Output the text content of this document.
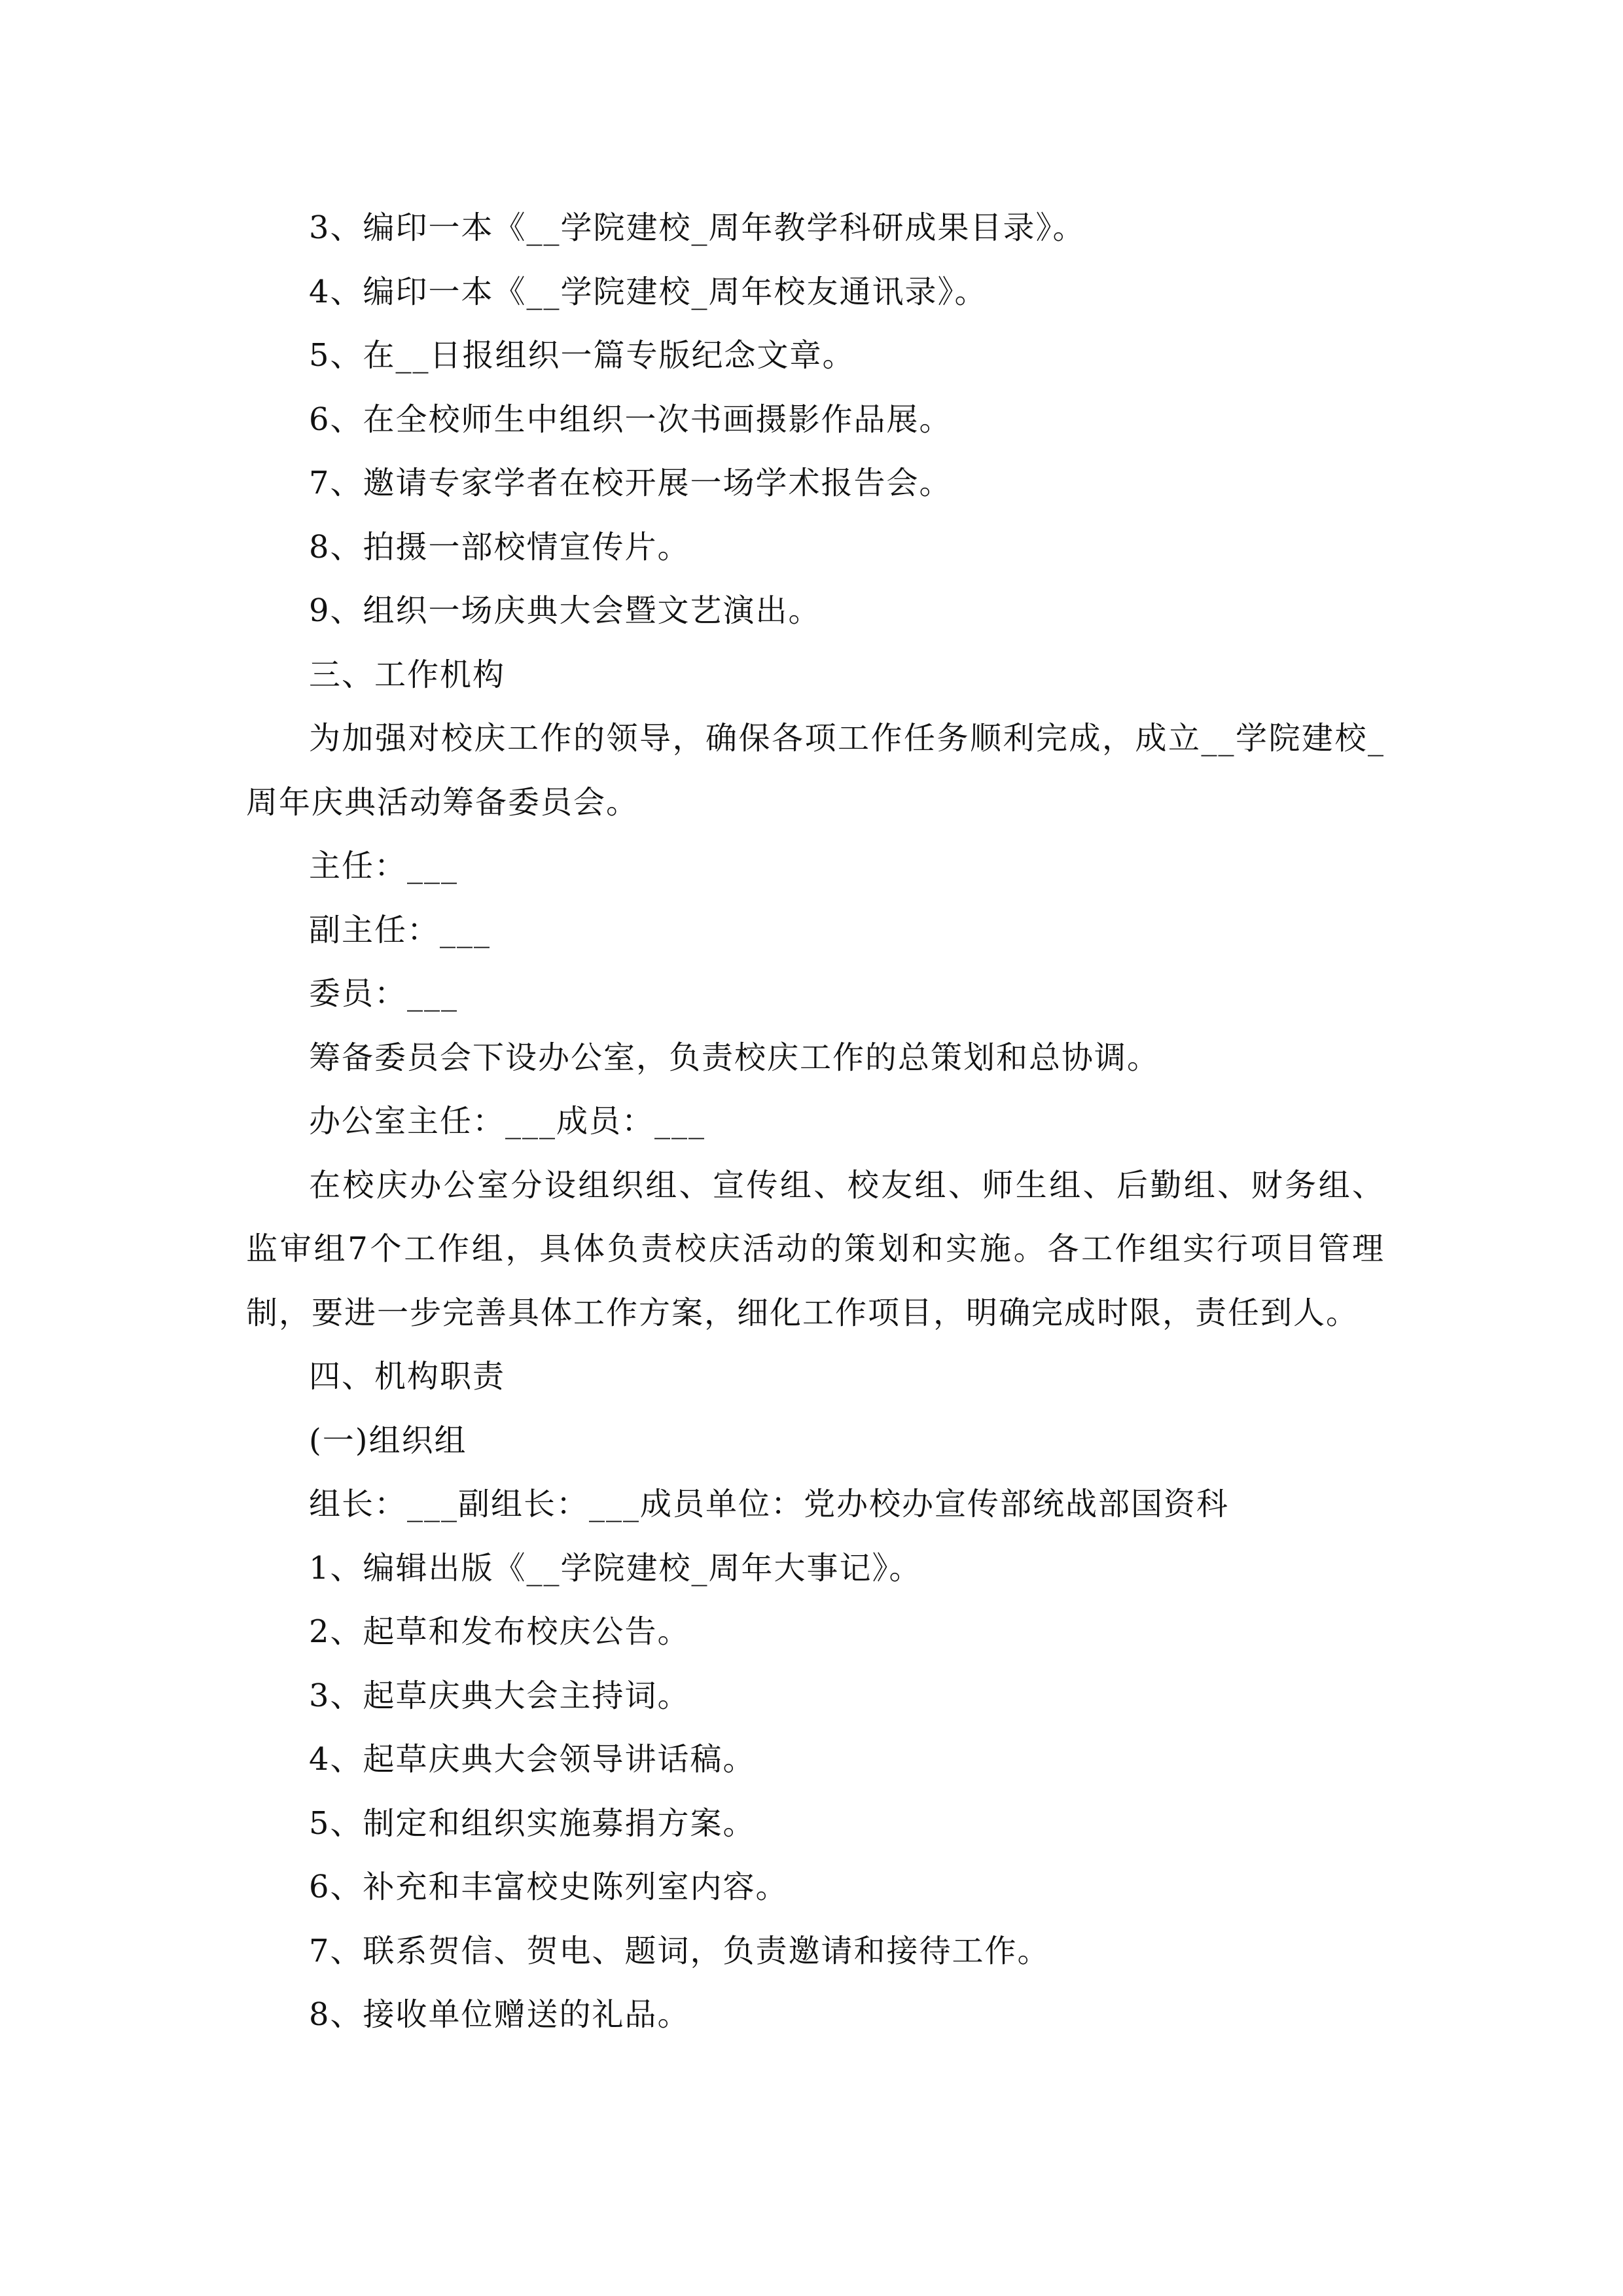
3、编印一本《__学院建校_周年教学科研成果目录》。

4、编印一本《__学院建校_周年校友通讯录》。

5、在__日报组织一篇专版纪念文章。

6、在全校师生中组织一次书画摄影作品展。

7、邀请专家学者在校开展一场学术报告会。

8、拍摄一部校情宣传片。

9、组织一场庆典大会暨文艺演出。

三、工作机构

为加强对校庆工作的领导，确保各项工作任务顺利完成，成立__学院建校_周年庆典活动筹备委员会。

主任：___

副主任：___

委员：___

筹备委员会下设办公室，负责校庆工作的总策划和总协调。

办公室主任：___成员：___

在校庆办公室分设组织组、宣传组、校友组、师生组、后勤组、财务组、监审组7个工作组，具体负责校庆活动的策划和实施。各工作组实行项目管理制，要进一步完善具体工作方案，细化工作项目，明确完成时限，责任到人。

四、机构职责

(一)组织组

组长：___副组长：___成员单位：党办校办宣传部统战部国资科

1、编辑出版《__学院建校_周年大事记》。

2、起草和发布校庆公告。

3、起草庆典大会主持词。

4、起草庆典大会领导讲话稿。

5、制定和组织实施募捐方案。

6、补充和丰富校史陈列室内容。

7、联系贺信、贺电、题词，负责邀请和接待工作。

8、接收单位赠送的礼品。
